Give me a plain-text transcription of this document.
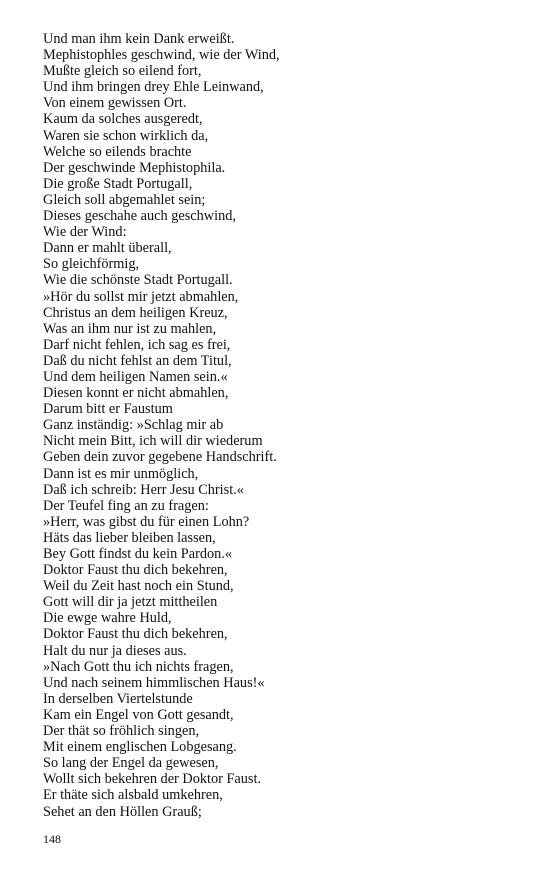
Und man ihm kein Dank erweißt.
Mephistophles geschwind, wie der Wind,
Mußte gleich so eilend fort,
Und ihm bringen drey Ehle Leinwand,
Von einem gewissen Ort.
Kaum da solches ausgeredt,
Waren sie schon wirklich da,
Welche so eilends brachte
Der geschwinde Mephistophila.
Die große Stadt Portugall,
Gleich soll abgemahlet sein;
Dieses geschahe auch geschwind,
Wie der Wind:
Dann er mahlt überall,
So gleichförmig,
Wie die schönste Stadt Portugall.
»Hör du sollst mir jetzt abmahlen,
Christus an dem heiligen Kreuz,
Was an ihm nur ist zu mahlen,
Darf nicht fehlen, ich sag es frei,
Daß du nicht fehlst an dem Titul,
Und dem heiligen Namen sein.«
Diesen konnt er nicht abmahlen,
Darum bitt er Faustum
Ganz inständig: »Schlag mir ab
Nicht mein Bitt, ich will dir wiederum
Geben dein zuvor gegebene Handschrift.
Dann ist es mir unmöglich,
Daß ich schreib: Herr Jesu Christ.«
Der Teufel fing an zu fragen:
»Herr, was gibst du für einen Lohn?
Häts das lieber bleiben lassen,
Bey Gott findst du kein Pardon.«
Doktor Faust thu dich bekehren,
Weil du Zeit hast noch ein Stund,
Gott will dir ja jetzt mittheilen
Die ewge wahre Huld,
Doktor Faust thu dich bekehren,
Halt du nur ja dieses aus.
»Nach Gott thu ich nichts fragen,
Und nach seinem himmlischen Haus!«
In derselben Viertelstunde
Kam ein Engel von Gott gesandt,
Der thät so fröhlich singen,
Mit einem englischen Lobgesang.
So lang der Engel da gewesen,
Wollt sich bekehren der Doktor Faust.
Er thäte sich alsbald umkehren,
Sehet an den Höllen Grauß;
148
